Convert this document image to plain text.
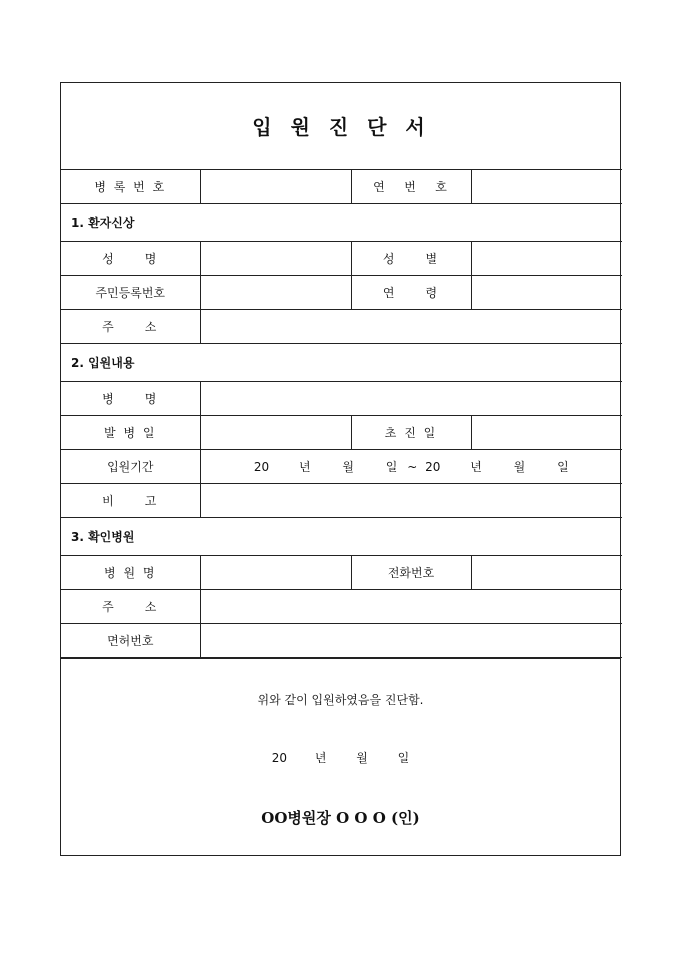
입 원 진 단 서			
병 록 번 호		연   번   호	
1. 환자신상			
성     명		성     별	
주민등록번호		연     령	
주     소			
2. 입원내용			
병     명			
발 병 일		초 진 일	
입원기간	20 년 월 일 ~ 20 년 월 일		
비     고			
3. 확인병원			
병 원 명		전화번호	
주     소			
면허번호			
위와 같이 입원하였음을 진단함.
20 년 월 일
OO병원장 O O O (인)
